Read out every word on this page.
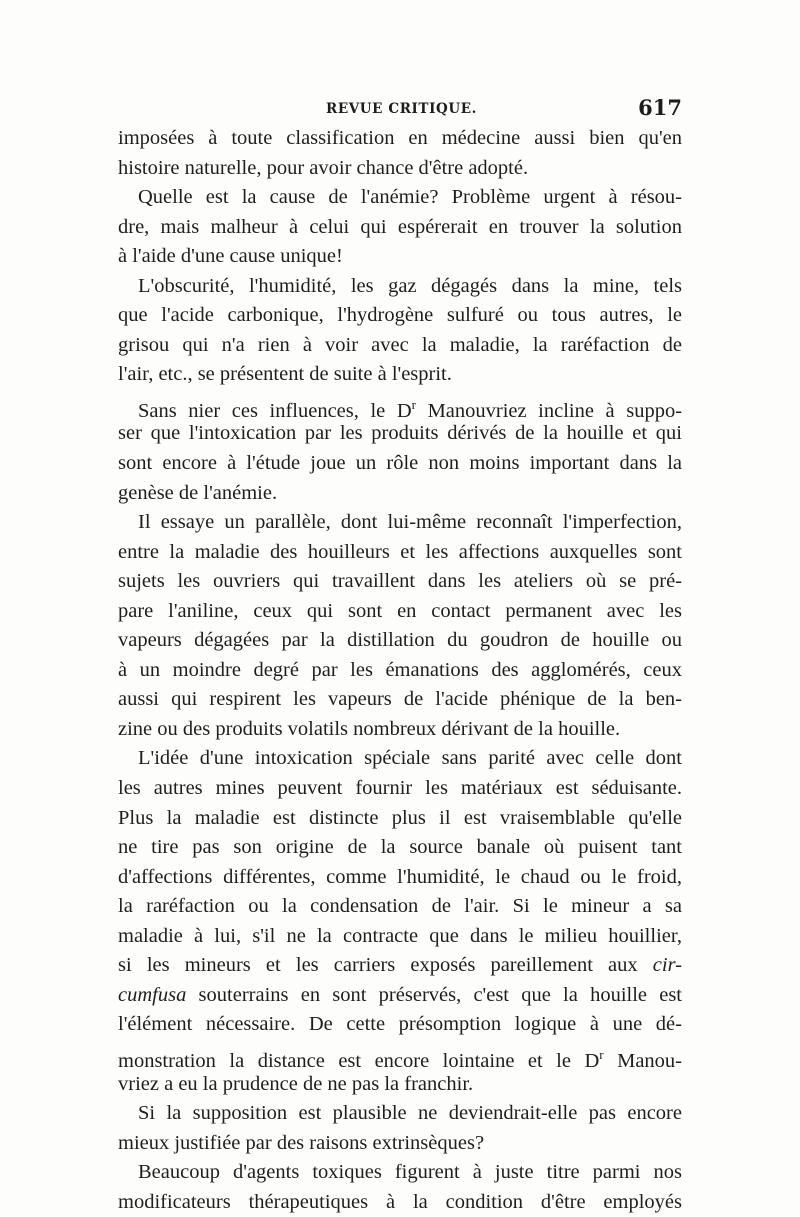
REVUE CRITIQUE.	617

imposées à toute classification en médecine aussi bien qu'en
histoire naturelle, pour avoir chance d'être adopté.

Quelle est la cause de l'anémie? Problème urgent à résou-
dre, mais malheur à celui qui espérerait en trouver la solution
à l'aide d'une cause unique!

L'obscurité, l'humidité, les gaz dégagés dans la mine, tels
que l'acide carbonique, l'hydrogène sulfuré ou tous autres, le
grisou qui n'a rien à voir avec la maladie, la raréfaction de
l'air, etc., se présentent de suite à l'esprit.

Sans nier ces influences, le $D^r$ Manouvriez incline à suppo-
ser que l'intoxication par les produits dérivés de la houille et qui
sont encore à l'étude joue un rôle non moins important dans la
genèse de l'anémie.

Il essaye un parallèle, dont lui-même reconnaît l'imperfection,
entre la maladie des houilleurs et les affections auxquelles sont
sujets les ouvriers qui travaillent dans les ateliers où se pré-
pare l'aniline, ceux qui sont en contact permanent avec les
vapeurs dégagées par la distillation du goudron de houille ou
à un moindre degré par les émanations des agglomérés, ceux
aussi qui respirent les vapeurs de l'acide phénique de la ben-
zine ou des produits volatils nombreux dérivant de la houille.

L'idée d'une intoxication spéciale sans parité avec celle dont
les autres mines peuvent fournir les matériaux est séduisante.
Plus la maladie est distincte plus il est vraisemblable qu'elle
ne tire pas son origine de la source banale où puisent tant
d'affections différentes, comme l'humidité, le chaud ou le froid,
la raréfaction ou la condensation de l'air. Si le mineur a sa
maladie à lui, s'il ne la contracte que dans le milieu houillier,
si les mineurs et les carriers exposés pareillement aux cir-
cumfusa souterrains en sont préservés, c'est que la houille est
l'élément nécessaire. De cette présomption logique à une dé-
monstration la distance est encore lointaine et le $D^r$ Manou-
vriez a eu la prudence de ne pas la franchir.

Si la supposition est plausible ne deviendrait-elle pas encore
mieux justifiée par des raisons extrinsèques?

Beaucoup d'agents toxiques figurent à juste titre parmi nos
modificateurs thérapeutiques à la condition d'être employés
